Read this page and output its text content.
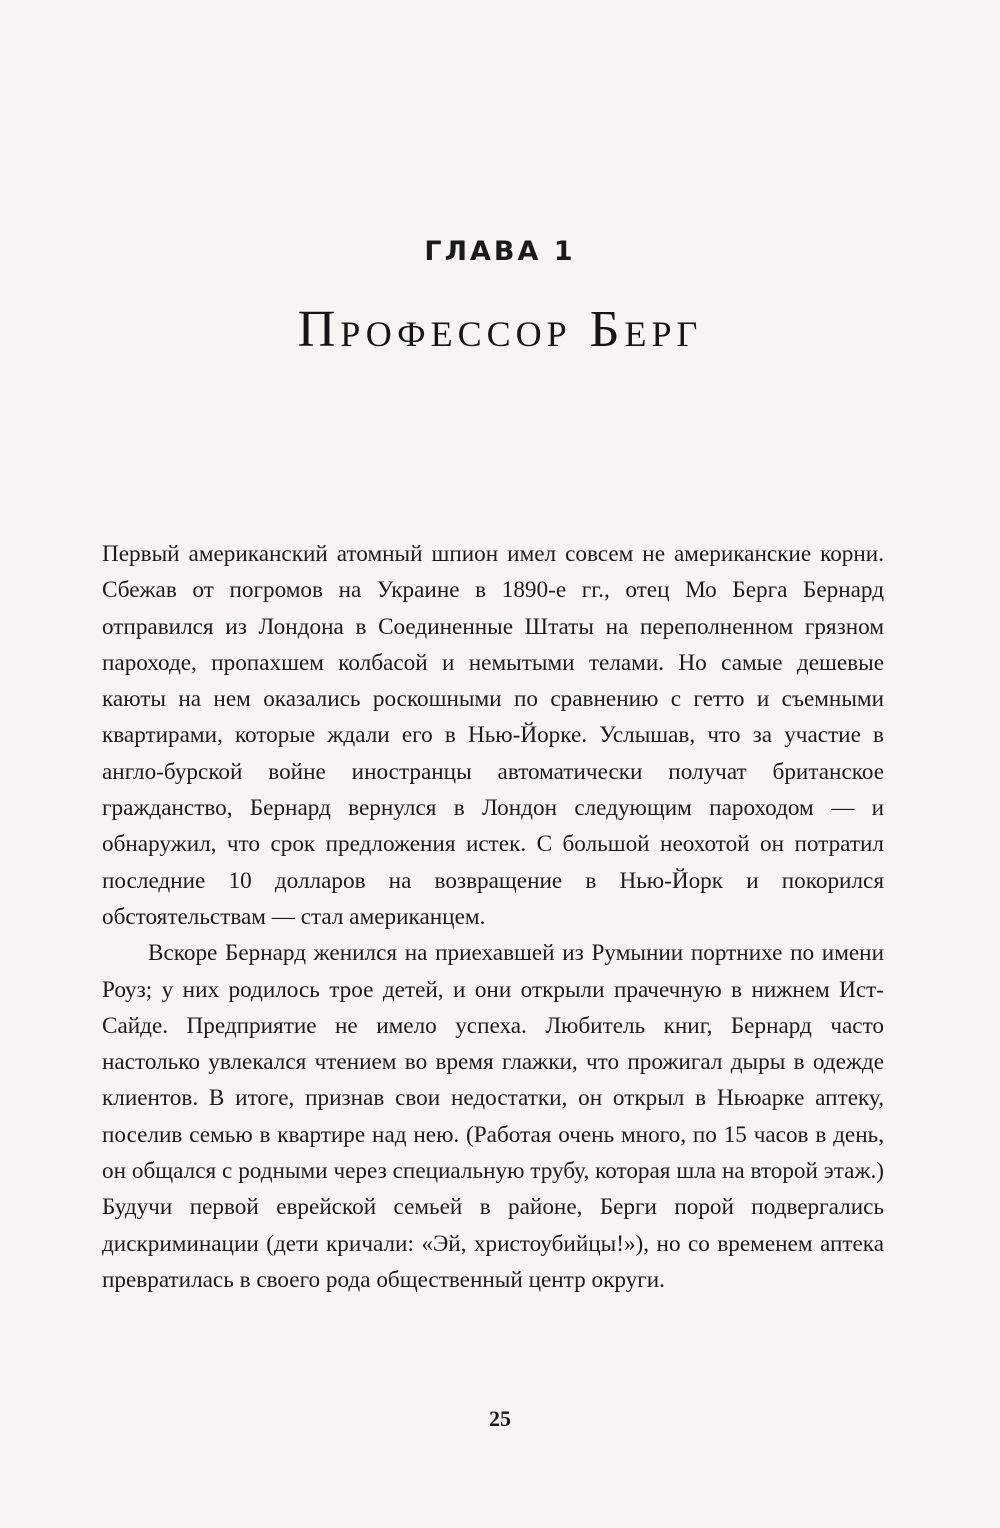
ГЛАВА 1
Профессор Берг

Первый американский атомный шпион имел совсем не американские корни. Сбежав от погромов на Украине в 1890-е гг., отец Мо Берга Бернард отправился из Лондона в Соединенные Штаты на переполненном грязном пароходе, пропахшем колбасой и немытыми телами. Но самые дешевые каюты на нем оказались роскошными по сравнению с гетто и съемными квартирами, которые ждали его в Нью-Йорке. Услышав, что за участие в англо-бурской войне иностранцы автоматически получат британское гражданство, Бернард вернулся в Лондон следующим пароходом — и обнаружил, что срок предложения истек. С большой неохотой он потратил последние 10 долларов на возвращение в Нью-Йорк и покорился обстоятельствам — стал американцем.

Вскоре Бернард женился на приехавшей из Румынии портнихе по имени Роуз; у них родилось трое детей, и они открыли прачечную в нижнем Ист-Сайде. Предприятие не имело успеха. Любитель книг, Бернард часто настолько увлекался чтением во время глажки, что прожигал дыры в одежде клиентов. В итоге, признав свои недостатки, он открыл в Ньюарке аптеку, поселив семью в квартире над нею. (Работая очень много, по 15 часов в день, он общался с родными через специальную трубу, которая шла на второй этаж.) Будучи первой еврейской семьей в районе, Берги порой подвергались дискриминации (дети кричали: «Эй, христоубийцы!»), но со временем аптека превратилась в своего рода общественный центр округи.

25
